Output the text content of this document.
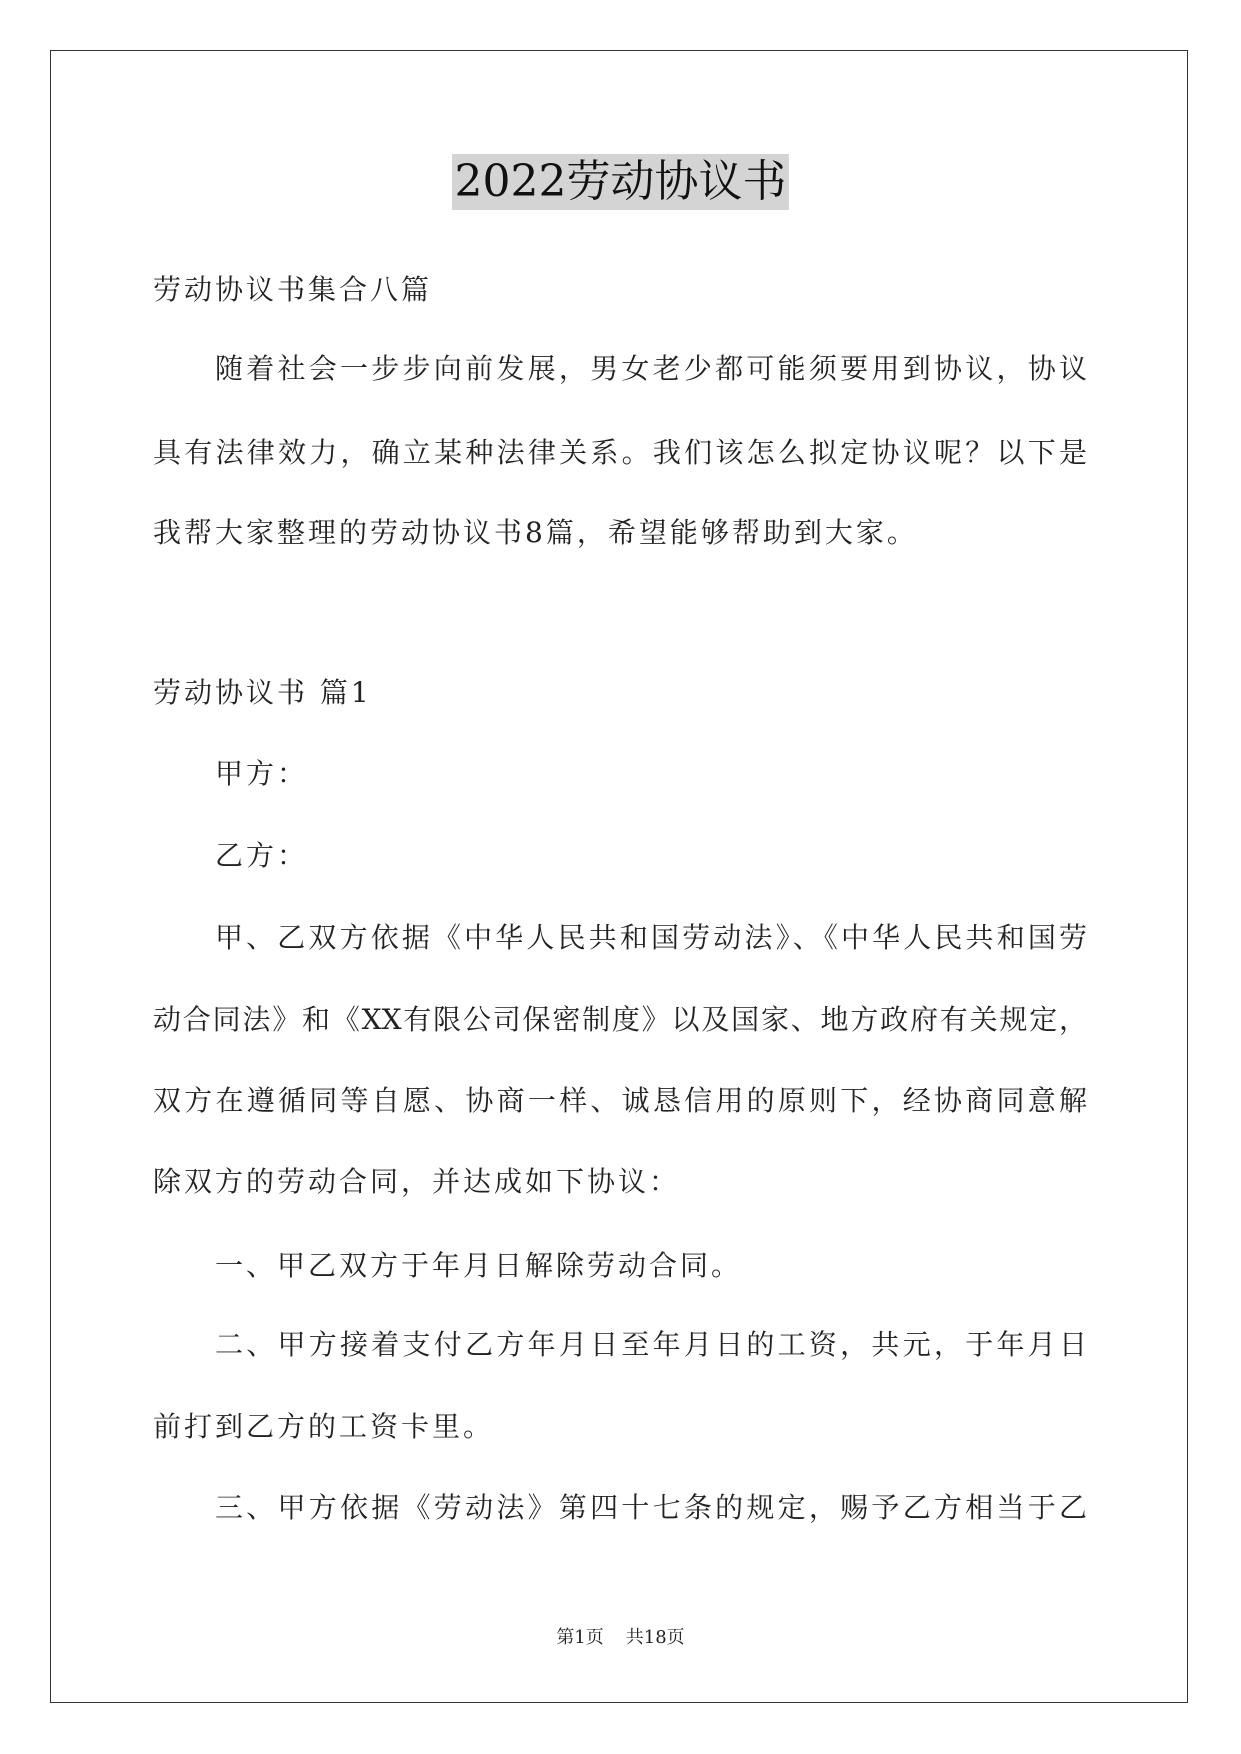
2022劳动协议书
劳动协议书集合八篇
随着社会一步步向前发展，男女老少都可能须要用到协议，协议
具有法律效力，确立某种法律关系。我们该怎么拟定协议呢？以下是
我帮大家整理的劳动协议书8篇，希望能够帮助到大家。
劳动协议书 篇1
甲方：
乙方：
甲、乙双方依据《中华人民共和国劳动法》、《中华人民共和国劳
动合同法》和《XX有限公司保密制度》以及国家、地方政府有关规定，
双方在遵循同等自愿、协商一样、诚恳信用的原则下，经协商同意解
除双方的劳动合同，并达成如下协议：
一、甲乙双方于年月日解除劳动合同。
二、甲方接着支付乙方年月日至年月日的工资，共元，于年月日
前打到乙方的工资卡里。
三、甲方依据《劳动法》第四十七条的规定，赐予乙方相当于乙
第1页 共18页
